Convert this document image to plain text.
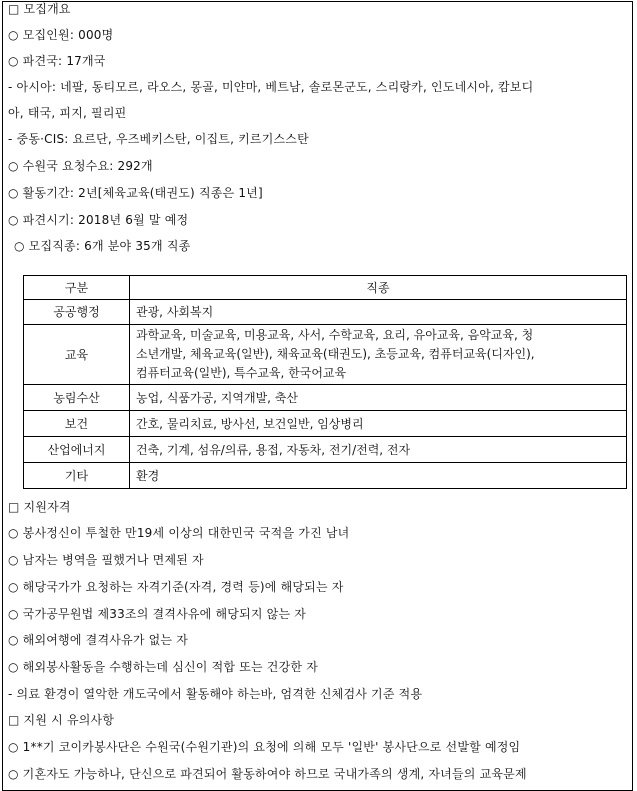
□ 모집개요
○ 모집인원: 000명
○ 파견국: 17개국
- 아시아: 네팔, 동티모르, 라오스, 몽골, 미얀마, 베트남, 솔로몬군도, 스리랑카, 인도네시아, 캄보디
아, 태국, 피지, 필리핀
- 중동·CIS: 요르단, 우즈베키스탄, 이집트, 키르기스스탄
○ 수원국 요청수요: 292개
○ 활동기간: 2년[체육교육(태권도) 직종은 1년]
○ 파견시기: 2018년 6월 말 예정
○ 모집직종: 6개 분야 35개 직종
구분	직종
공공행정	관광, 사회복지
교육	과학교육, 미술교육, 미용교육, 사서, 수학교육, 요리, 유아교육, 음악교육, 청
소년개발, 체육교육(일반), 채육교육(태권도), 초등교육, 컴퓨터교육(디자인),
컴퓨터교육(일반), 특수교육, 한국어교육

농림수산	농업, 식품가공, 지역개발, 축산
보건	간호, 물리치료, 방사선, 보건일반, 임상병리
산업에너지	건축, 기계, 섬유/의류, 용접, 자동차, 전기/전력, 전자
기타	환경
□ 지원자격
○ 봉사정신이 투철한 만19세 이상의 대한민국 국적을 가진 남녀
○ 남자는 병역을 필했거나 면제된 자
○ 해당국가가 요청하는 자격기준(자격, 경력 등)에 해당되는 자
○ 국가공무원법 제33조의 결격사유에 해당되지 않는 자
○ 해외여행에 결격사유가 없는 자
○ 해외봉사활동을 수행하는데 심신이 적합 또는 건강한 자
- 의료 환경이 열악한 개도국에서 활동해야 하는바, 엄격한 신체검사 기준 적용
□ 지원 시 유의사항
○ 1**기 코이카봉사단은 수원국(수원기관)의 요청에 의해 모두 '일반' 봉사단으로 선발할 예정임
○ 기혼자도 가능하나, 단신으로 파견되어 활동하여야 하므로 국내가족의 생계, 자녀들의 교육문제
